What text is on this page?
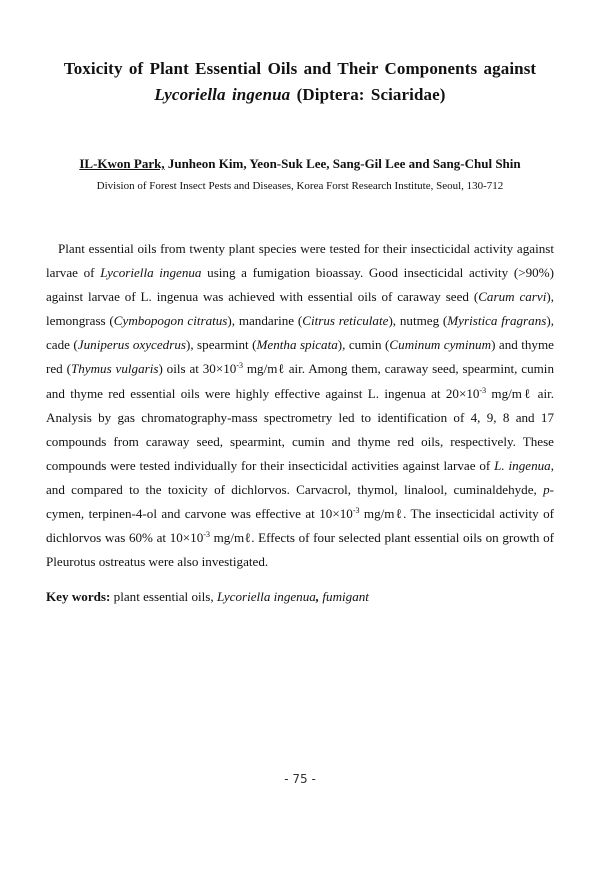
Toxicity of Plant Essential Oils and Their Components against
Lycoriella ingenua (Diptera: Sciaridae)
IL-Kwon Park, Junheon Kim, Yeon-Suk Lee, Sang-Gil Lee and Sang-Chul Shin
Division of Forest Insect Pests and Diseases, Korea Forst Research Institute, Seoul, 130-712

Plant essential oils from twenty plant species were tested for their insecticidal activity against larvae of Lycoriella ingenua using a fumigation bioassay. Good insecticidal activity (>90%) against larvae of L. ingenua was achieved with essential oils of caraway seed (Carum carvi), lemongrass (Cymbopogon citratus), mandarine (Citrus reticulate), nutmeg (Myristica fragrans), cade (Juniperus oxycedrus), spearmint (Mentha spicata), cumin (Cuminum cyminum) and thyme red (Thymus vulgaris) oils at $30\times 10^{-3}$ mg/mℓ air. Among them, caraway seed, spearmint, cumin and thyme red essential oils were highly effective against L. ingenua at $20\times 10^{-3}$ mg/mℓ air. Analysis by gas chromatography-mass spectrometry led to identification of 4, 9, 8 and 17 compounds from caraway seed, spearmint, cumin and thyme red oils, respectively. These compounds were tested individually for their insecticidal activities against larvae of L. ingenua, and compared to the toxicity of dichlorvos. Carvacrol, thymol, linalool, cuminaldehyde, p-cymen, terpinen-4-ol and carvone was effective at $10\times 10^{-3}$ mg/mℓ. The insecticidal activity of dichlorvos was 60% at $10\times 10^{-3}$ mg/mℓ. Effects of four selected plant essential oils on growth of Pleurotus ostreatus were also investigated.

Key words: plant essential oils, Lycoriella ingenua, fumigant

- 75 -
